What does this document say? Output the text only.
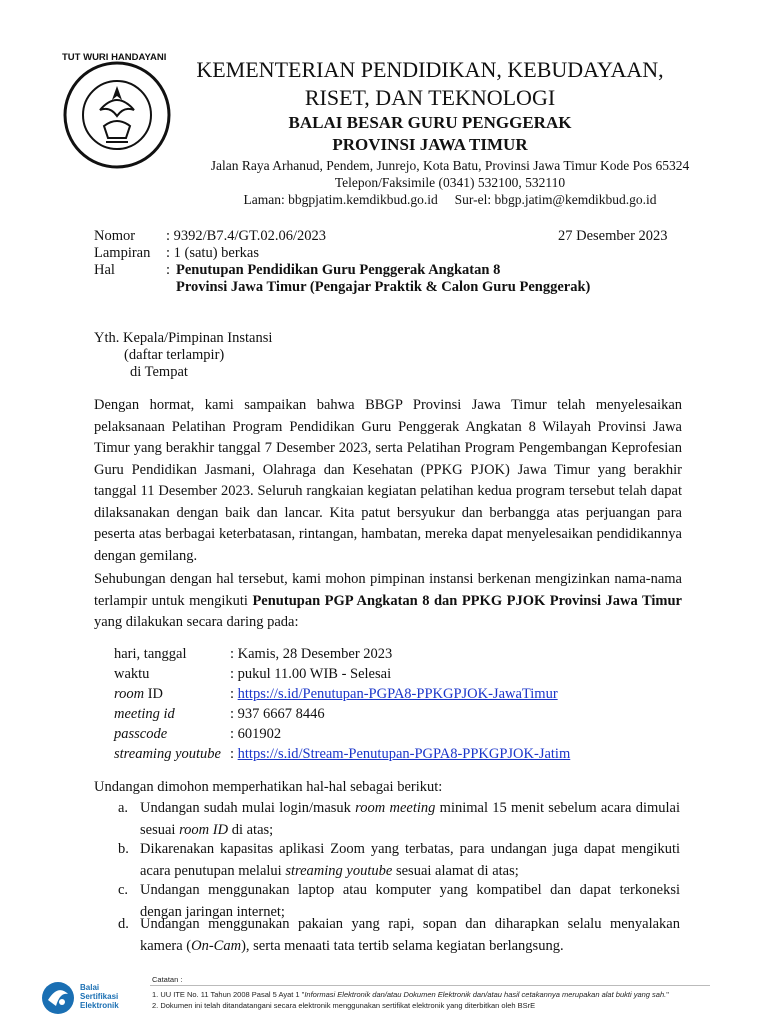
TUT WURI HANDAYANI	KEMENTERIAN PENDIDIKAN, KEBUDAYAAN,
RISET, DAN TEKNOLOGI
BALAI BESAR GURU PENGGERAK
PROVINSI JAWA TIMUR
Jalan Raya Arhanud, Pendem, Junrejo, Kota Batu, Provinsi Jawa Timur Kode Pos 65324
Telepon/Faksimile (0341) 532100, 532110
Laman: bbgpjatim.kemdikbud.go.id Sur-el: bbgp.jatim@kemdikbud.go.id
Nomor : 9392/B7.4/GT.02.06/2023	27 Desember 2023
Lampiran : 1 (satu) berkas
Hal	: Penutupan Pendidikan Guru Penggerak Angkatan 8
Provinsi Jawa Timur (Pengajar Praktik & Calon Guru Penggerak)
Yth. Kepala/Pimpinan Instansi
(daftar terlampir)
di Tempat
Dengan hormat, kami sampaikan bahwa BBGP Provinsi Jawa Timur telah menyelesaikan pelaksanaan Pelatihan Program Pendidikan Guru Penggerak Angkatan 8 Wilayah Provinsi Jawa Timur yang berakhir tanggal 7 Desember 2023, serta Pelatihan Program Pengembangan Keprofesian Guru Pendidikan Jasmani, Olahraga dan Kesehatan (PPKG PJOK) Jawa Timur yang berakhir tanggal 11 Desember 2023. Seluruh rangkaian kegiatan pelatihan kedua program tersebut telah dapat dilaksanakan dengan baik dan lancar. Kita patut bersyukur dan berbangga atas perjuangan para peserta atas berbagai keterbatasan, rintangan, hambatan, mereka dapat menyelesaikan pendidikannya dengan gemilang.
Sehubungan dengan hal tersebut, kami mohon pimpinan instansi berkenan mengizinkan nama-nama terlampir untuk mengikuti Penutupan PGP Angkatan 8 dan PPKG PJOK Provinsi Jawa Timur yang dilakukan secara daring pada:
hari, tanggal	: Kamis, 28 Desember 2023
waktu	: pukul 11.00 WIB - Selesai
room ID	: https://s.id/Penutupan-PGPA8-PPKGPJOK-JawaTimur
meeting id	: 937 6667 8446
passcode	: 601902
streaming youtube : https://s.id/Stream-Penutupan-PGPA8-PPKGPJOK-Jatim
Undangan dimohon memperhatikan hal-hal sebagai berikut:
a. Undangan sudah mulai login/masuk room meeting minimal 15 menit sebelum acara dimulai sesuai room ID di atas;
b. Dikarenakan kapasitas aplikasi Zoom yang terbatas, para undangan juga dapat mengikuti acara penutupan melalui streaming youtube sesuai alamat di atas;
c. Undangan menggunakan laptop atau komputer yang kompatibel dan dapat terkoneksi dengan jaringan internet;
d. Undangan menggunakan pakaian yang rapi, sopan dan diharapkan selalu menyalakan kamera (On-Cam), serta menaati tata tertib selama kegiatan berlangsung.
Balai
Sertifikasi
Elektronik
Catatan :
1. UU ITE No. 11 Tahun 2008 Pasal 5 Ayat 1 "Informasi Elektronik dan/atau Dokumen Elektronik dan/atau hasil cetakannya merupakan alat bukti yang sah."
2. Dokumen ini telah ditandatangani secara elektronik menggunakan sertifikat elektronik yang diterbitkan oleh BSrE
